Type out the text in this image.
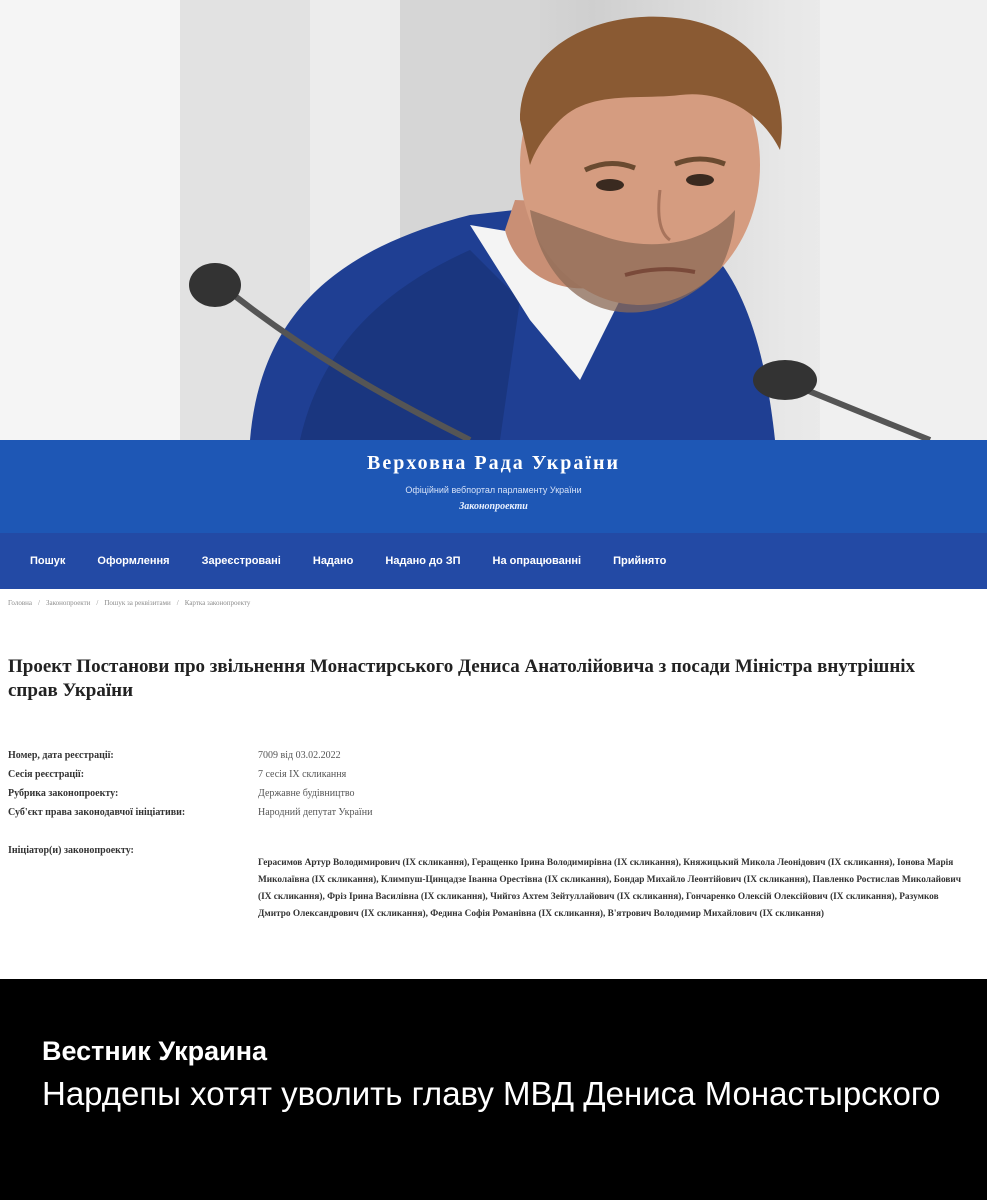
Верховна Рада України
Офіційний вебпортал парламенту України
Законопроекти
Пошук	Оформлення	Зареєстровані	Надано	Надано до ЗП	На опрацюванні	Прийнято
Головна / Законопроекти / Пошук за реквізитами / Картка законопроекту
Проект Постанови про звільнення Монастирського Дениса Анатолійовича з посади Міністра внутрішніх справ України
Номер, дата реєстрації:	7009 від 03.02.2022
Сесія реєстрації:	7 сесія IX скликання
Рубрика законопроекту:	Державне будівництво
Суб'єкт права законодавчої ініціативи:	Народний депутат України
Ініціатор(и) законопроекту:
Герасимов Артур Володимирович (IX скликання), Геращенко Ірина Володимирівна (IX скликання), Княжицький Микола Леонідович (IX скликання), Іонова Марія Миколаївна (IX скликання), Климпуш-Цинцадзе Іванна Орестівна (IX скликання), Бондар Михайло Леонтійович (IX скликання), Павленко Ростислав Миколайович (IX скликання), Фріз Ірина Василівна (IX скликання), Чийгоз Ахтем Зейтуллайович (IX скликання), Гончаренко Олексій Олексійович (IX скликання), Разумков Дмитро Олександрович (IX скликання), Федина Софія Романівна (IX скликання), В'ятрович Володимир Михайлович (IX скликання)
Вестник Украина
Нардепы хотят уволить главу МВД Дениса Монастырского
